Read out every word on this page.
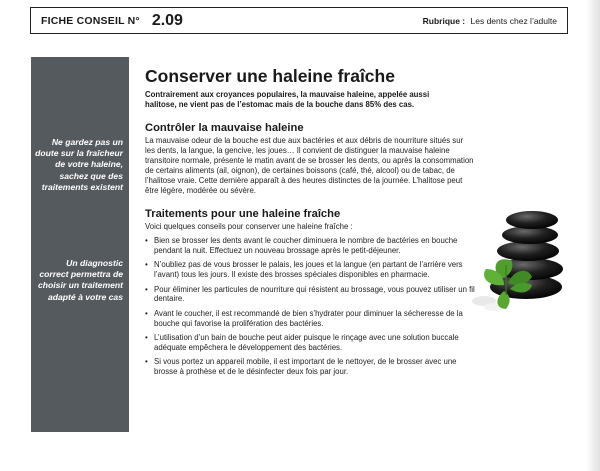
FICHE CONSEIL N° 2.09	Rubrique : Les dents chez l’adulte
Ne gardez pas un doute sur la fraîcheur de votre haleine, sachez que des traitements existent
Un diagnostic correct permettra de choisir un traitement adapté à votre cas
Conserver une haleine fraîche

Contrairement aux croyances populaires, la mauvaise haleine, appelée aussi halitose, ne vient pas de l’estomac mais de la bouche dans 85% des cas.

Contrôler la mauvaise haleine

La mauvaise odeur de la bouche est due aux bactéries et aux débris de nourriture situés sur les dents, la langue, la gencive, les joues… Il convient de distinguer la mauvaise haleine transitoire normale, présente le matin avant de se brosser les dents, ou après la consommation de certains aliments (ail, oignon), de certaines boissons (café, thé, alcool) ou de tabac, de l’halitose vraie. Cette dernière apparaît à des heures distinctes de la journée. L’halitose peut être légère, modérée ou sévère.

Traitements pour une haleine fraîche

Voici quelques conseils pour conserver une haleine fraîche :

• Bien se brosser les dents avant le coucher diminuera le nombre de bactéries en bouche pendant la nuit. Effectuez un nouveau brossage après le petit-déjeuner.
• N’oubliez pas de vous brosser le palais, les joues et la langue (en partant de l’arrière vers l’avant) tous les jours. Il existe des brosses spéciales disponibles en pharmacie.
• Pour éliminer les particules de nourriture qui résistent au brossage, vous pouvez utiliser un fil dentaire.
• Avant le coucher, il est recommandé de bien s’hydrater pour diminuer la sécheresse de la bouche qui favorise la prolifération des bactéries.
• L’utilisation d’un bain de bouche peut aider puisque le rinçage avec une solution buccale adéquate empêchera le développement des bactéries.
• Si vous portez un appareil mobile, il est important de le nettoyer, de le brosser avec une brosse à prothèse et de le désinfecter deux fois par jour.
